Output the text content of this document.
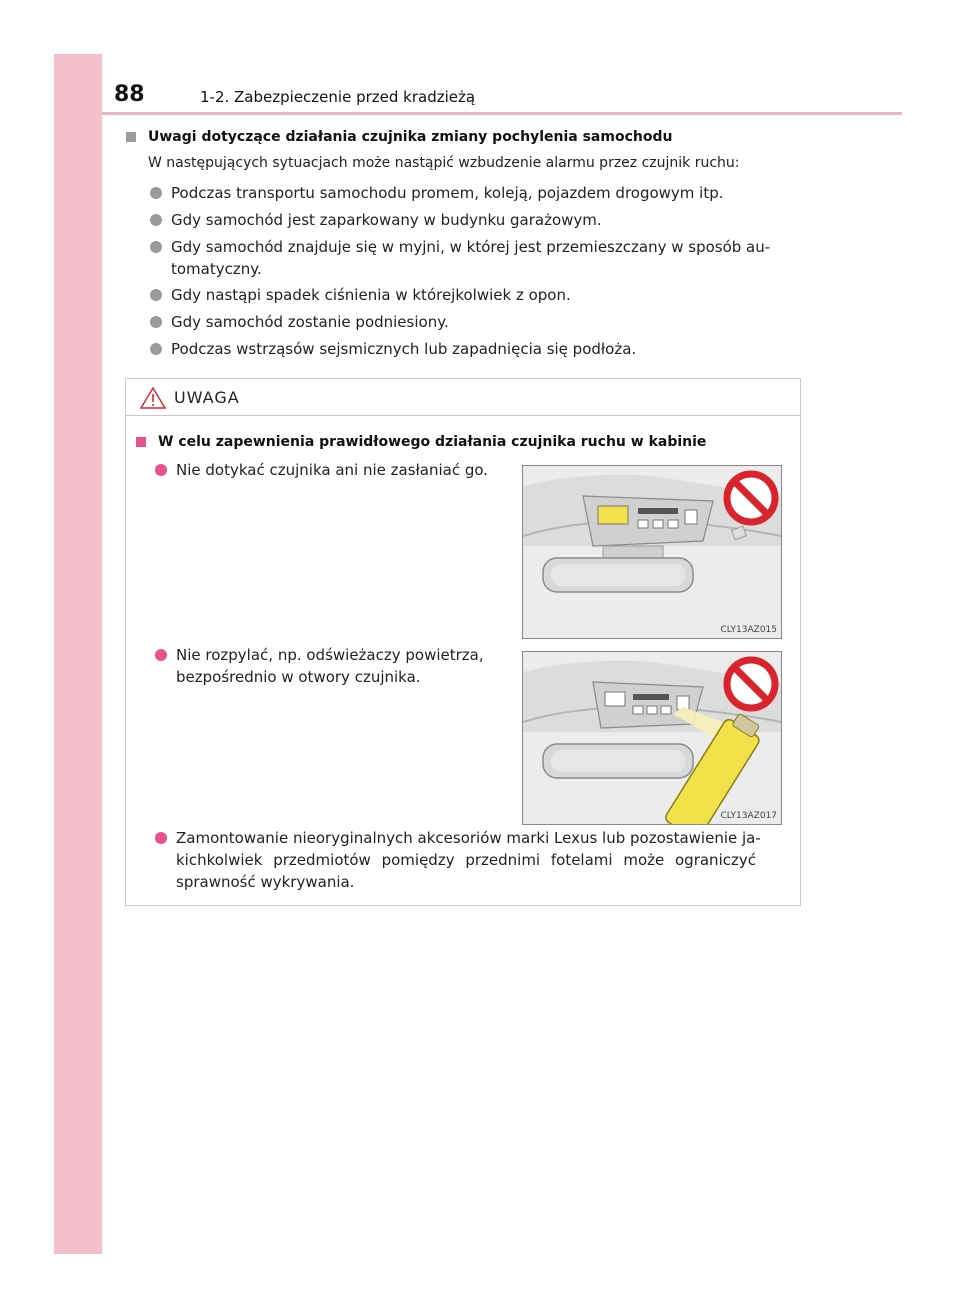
88	1-2. Zabezpieczenie przed kradzieżą
Uwagi dotyczące działania czujnika zmiany pochylenia samochodu
W następujących sytuacjach może nastąpić wzbudzenie alarmu przez czujnik ruchu:
Podczas transportu samochodu promem, koleją, pojazdem drogowym itp.
Gdy samochód jest zaparkowany w budynku garażowym.
Gdy samochód znajduje się w myjni, w której jest przemieszczany w sposób au-
tomatyczny.
Gdy nastąpi spadek ciśnienia w którejkolwiek z opon.
Gdy samochód zostanie podniesiony.
Podczas wstrząsów sejsmicznych lub zapadnięcia się podłoża.
UWAGA
W celu zapewnienia prawidłowego działania czujnika ruchu w kabinie
Nie dotykać czujnika ani nie zasłaniać go.
CLY13AZ015
Nie rozpylać, np. odświeżaczy powietrza,
bezpośrednio w otwory czujnika.
CLY13AZ017
Zamontowanie nieoryginalnych akcesoriów marki Lexus lub pozostawienie ja-
kichkolwiek przedmiotów pomiędzy przednimi fotelami może ograniczyć
sprawność wykrywania.
